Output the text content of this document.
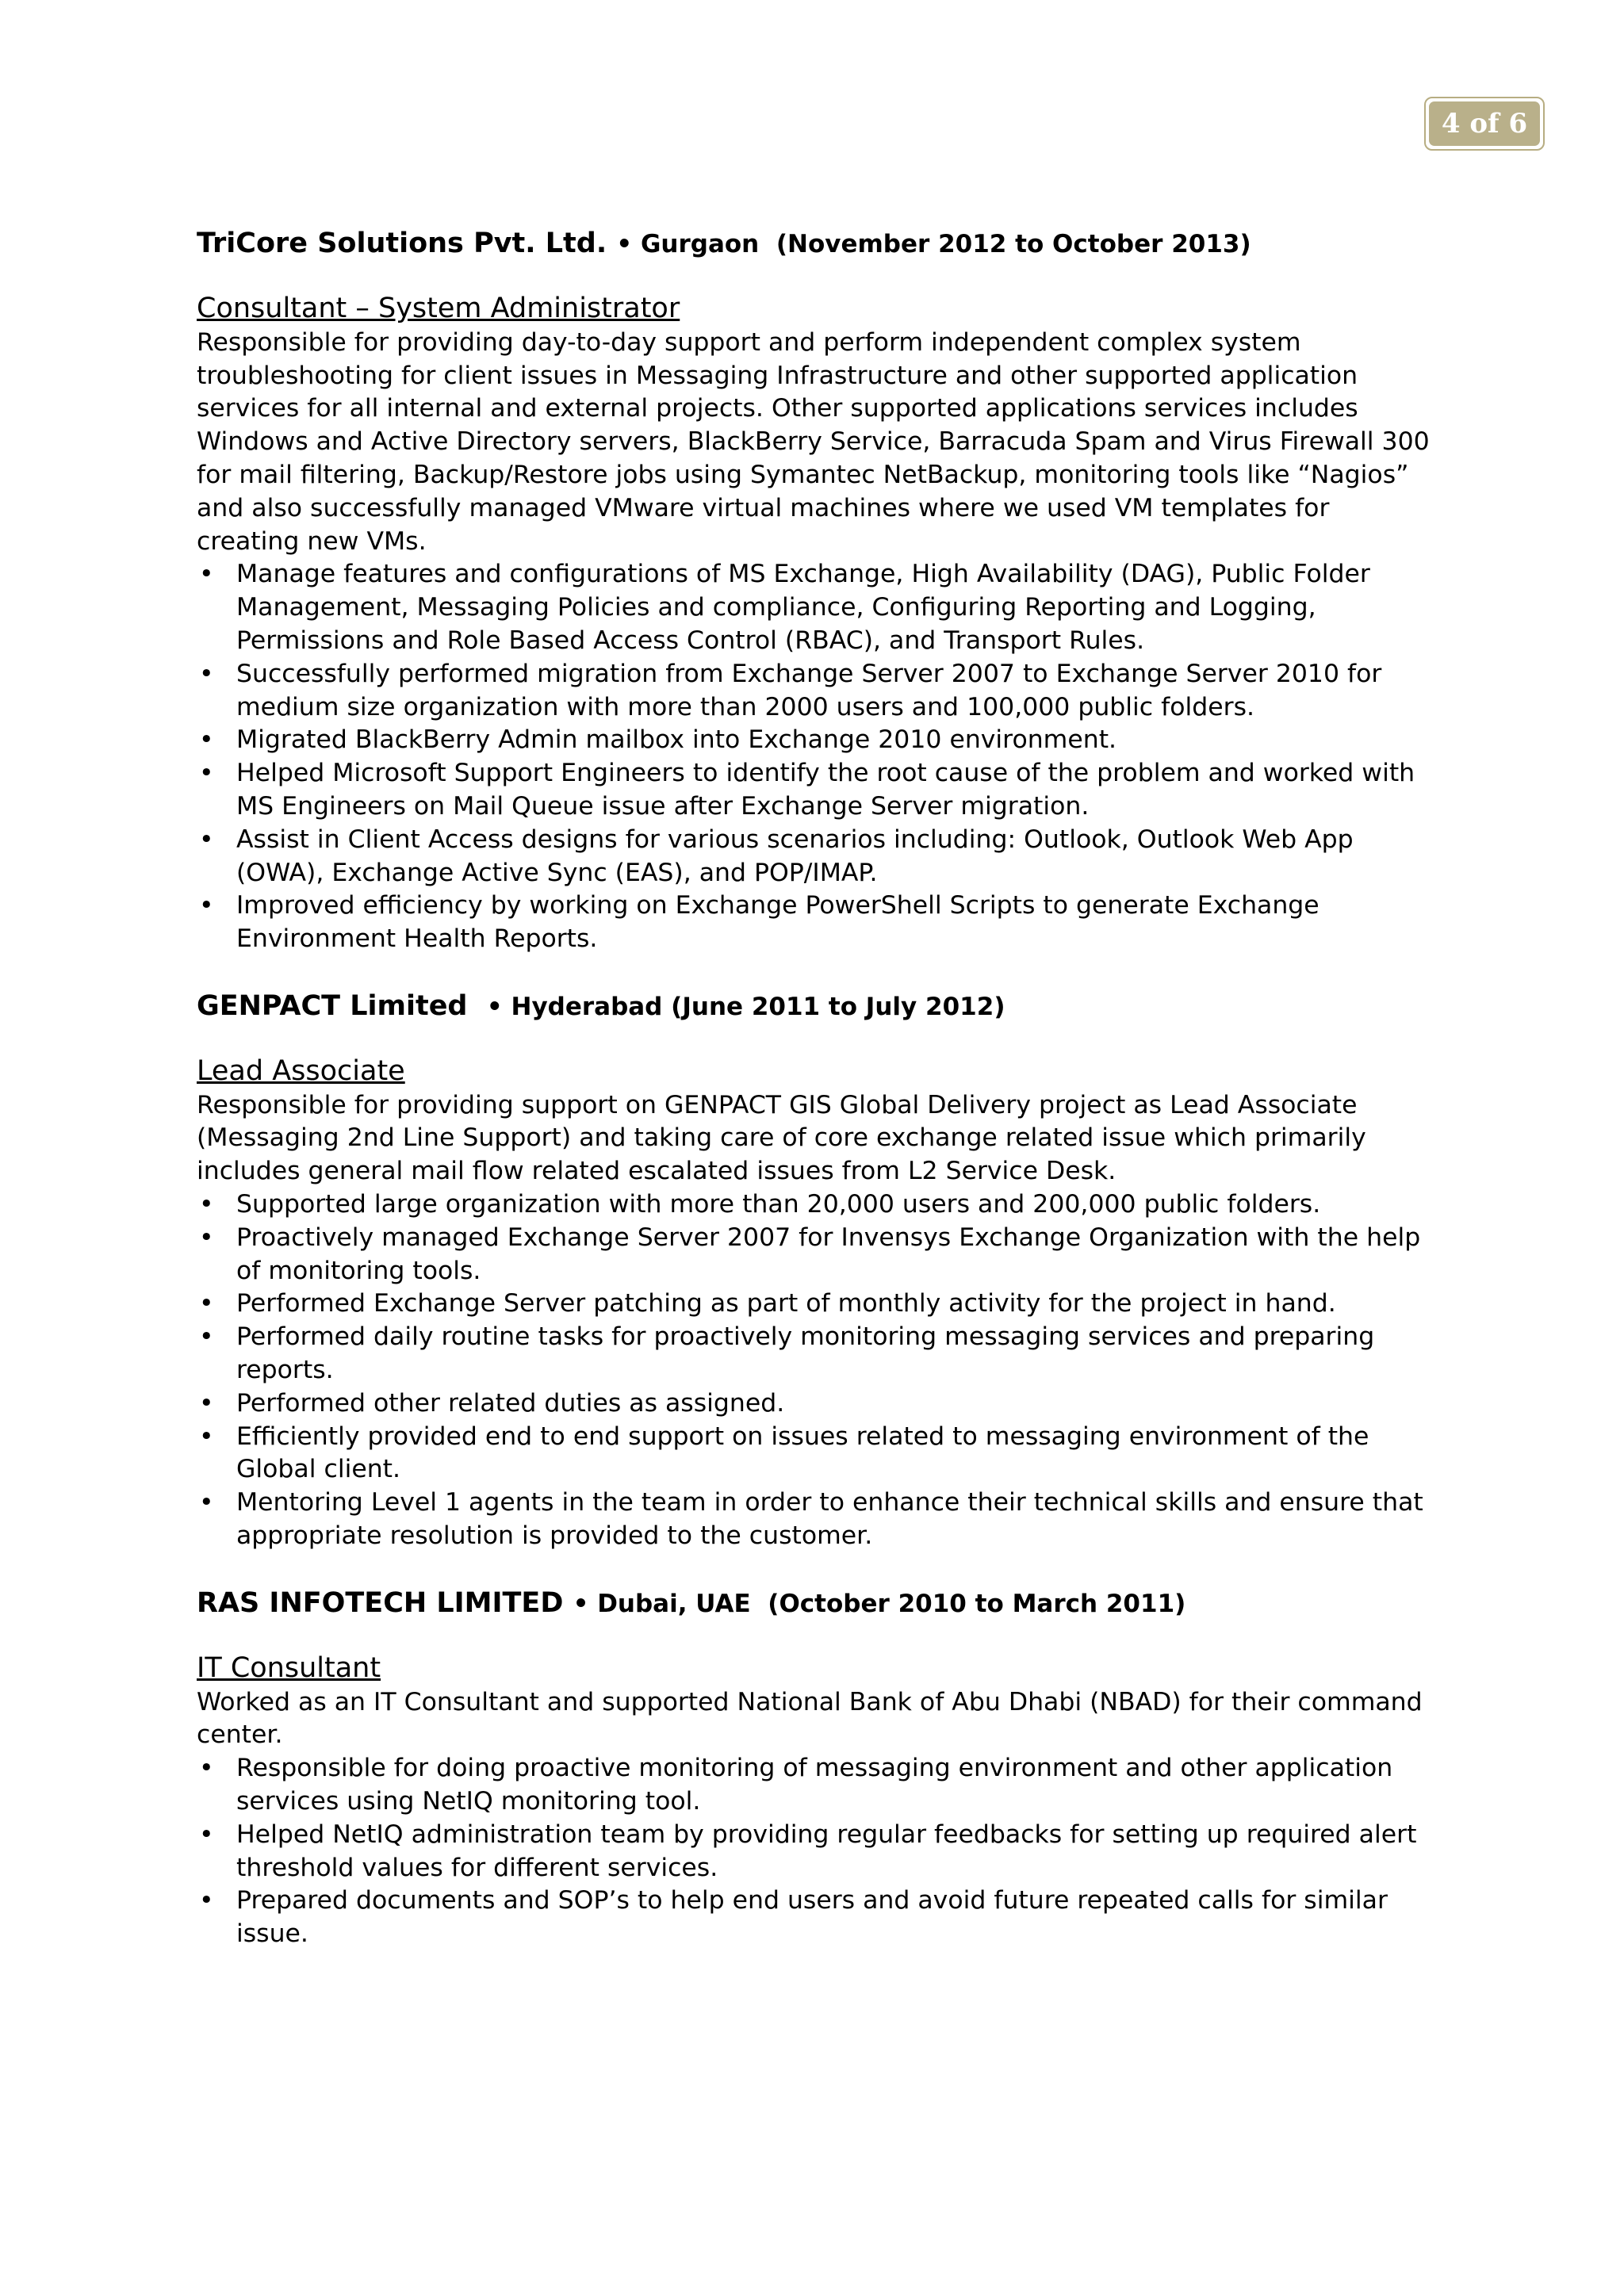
4 of 6

TriCore Solutions Pvt. Ltd. • Gurgaon (November 2012 to October 2013)

Consultant – System Administrator

Responsible for providing day-to-day support and perform independent complex system troubleshooting for client issues in Messaging Infrastructure and other supported application services for all internal and external projects. Other supported applications services includes Windows and Active Directory servers, BlackBerry Service, Barracuda Spam and Virus Firewall 300 for mail filtering, Backup/Restore jobs using Symantec NetBackup, monitoring tools like “Nagios” and also successfully managed VMware virtual machines where we used VM templates for creating new VMs.

• Manage features and configurations of MS Exchange, High Availability (DAG), Public Folder Management, Messaging Policies and compliance, Configuring Reporting and Logging, Permissions and Role Based Access Control (RBAC), and Transport Rules.
• Successfully performed migration from Exchange Server 2007 to Exchange Server 2010 for medium size organization with more than 2000 users and 100,000 public folders.
• Migrated BlackBerry Admin mailbox into Exchange 2010 environment.
• Helped Microsoft Support Engineers to identify the root cause of the problem and worked with MS Engineers on Mail Queue issue after Exchange Server migration.
• Assist in Client Access designs for various scenarios including: Outlook, Outlook Web App (OWA), Exchange Active Sync (EAS), and POP/IMAP.
• Improved efficiency by working on Exchange PowerShell Scripts to generate Exchange Environment Health Reports.

GENPACT Limited • Hyderabad (June 2011 to July 2012)

Lead Associate

Responsible for providing support on GENPACT GIS Global Delivery project as Lead Associate (Messaging 2nd Line Support) and taking care of core exchange related issue which primarily includes general mail flow related escalated issues from L2 Service Desk.

• Supported large organization with more than 20,000 users and 200,000 public folders.
• Proactively managed Exchange Server 2007 for Invensys Exchange Organization with the help of monitoring tools.
• Performed Exchange Server patching as part of monthly activity for the project in hand.
• Performed daily routine tasks for proactively monitoring messaging services and preparing reports.
• Performed other related duties as assigned.
• Efficiently provided end to end support on issues related to messaging environment of the Global client.
• Mentoring Level 1 agents in the team in order to enhance their technical skills and ensure that appropriate resolution is provided to the customer.

RAS INFOTECH LIMITED • Dubai, UAE (October 2010 to March 2011)

IT Consultant

Worked as an IT Consultant and supported National Bank of Abu Dhabi (NBAD) for their command center.

• Responsible for doing proactive monitoring of messaging environment and other application services using NetIQ monitoring tool.
• Helped NetIQ administration team by providing regular feedbacks for setting up required alert threshold values for different services.
• Prepared documents and SOP’s to help end users and avoid future repeated calls for similar issue.
